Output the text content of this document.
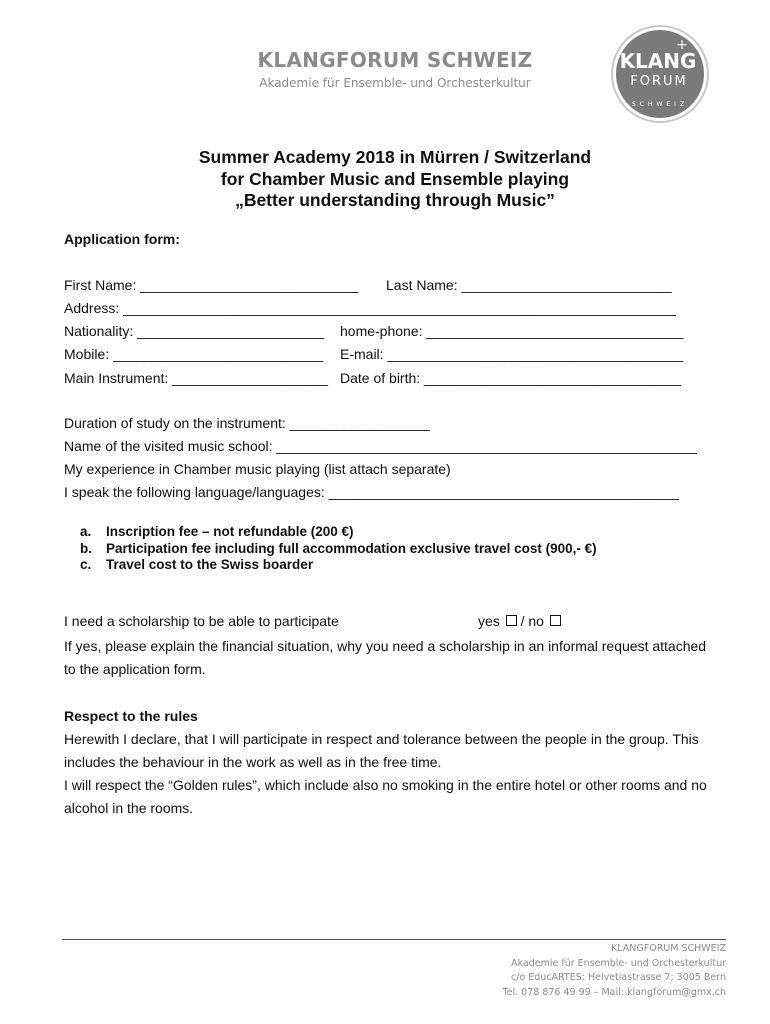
KLANGFORUM SCHWEIZ
Akademie für Ensemble- und Orchesterkultur
KLANG
FORUM
SCHWEIZ
+
Summer Academy 2018 in Mürren / Switzerland
for Chamber Music and Ensemble playing
„Better understanding through Music”
Application form:
First Name: ____________________________ Last Name: ___________________________
Address: _______________________________________________________________________
Nationality: ________________________ home-phone: _________________________________
Mobile: ___________________________ E-mail: ______________________________________
Main Instrument: ____________________ Date of birth: _________________________________
Duration of study on the instrument: __________________
Name of the visited music school: ______________________________________________________
My experience in Chamber music playing (list attach separate)
I speak the following language/languages: _____________________________________________
a. Inscription fee – not refundable (200 €)
b. Participation fee including full accommodation exclusive travel cost (900,- €)
c. Travel cost to the Swiss boarder
I need a scholarship to be able to participate	yes / no
If yes, please explain the financial situation, why you need a scholarship in an informal request attached
to the application form.
Respect to the rules
Herewith I declare, that I will participate in respect and tolerance between the people in the group. This
includes the behaviour in the work as well as in the free time.
I will respect the “Golden rules”, which include also no smoking in the entire hotel or other rooms and no
alcohol in the rooms.
KLANGFORUM SCHWEIZ
Akademie für Ensemble- und Orchesterkultur
c/o EducARTES; Helvetiastrasse 7; 3005 Bern
Tel. 078 876 49 99 – Mail: klangforum@gmx.ch
